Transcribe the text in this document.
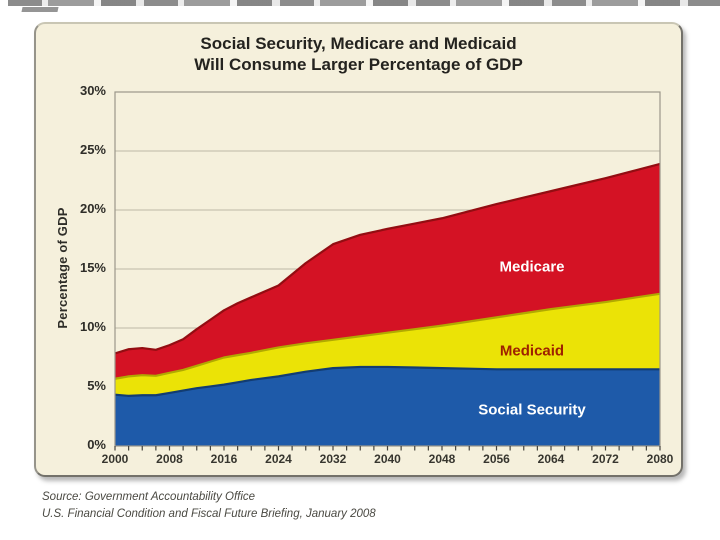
Social Security, Medicare and Medicaid
Will Consume Larger Percentage of GDP
30%
25%
20%
15%
10%
5%
0%
2000	2008	2016	2024	2032	2040	2048	2056	2064	2072	2080
Percentage of GDP	Medicare
Medicaid
Social Security
Source: Government Accountability Office
U.S. Financial Condition and Fiscal Future Briefing, January 2008
